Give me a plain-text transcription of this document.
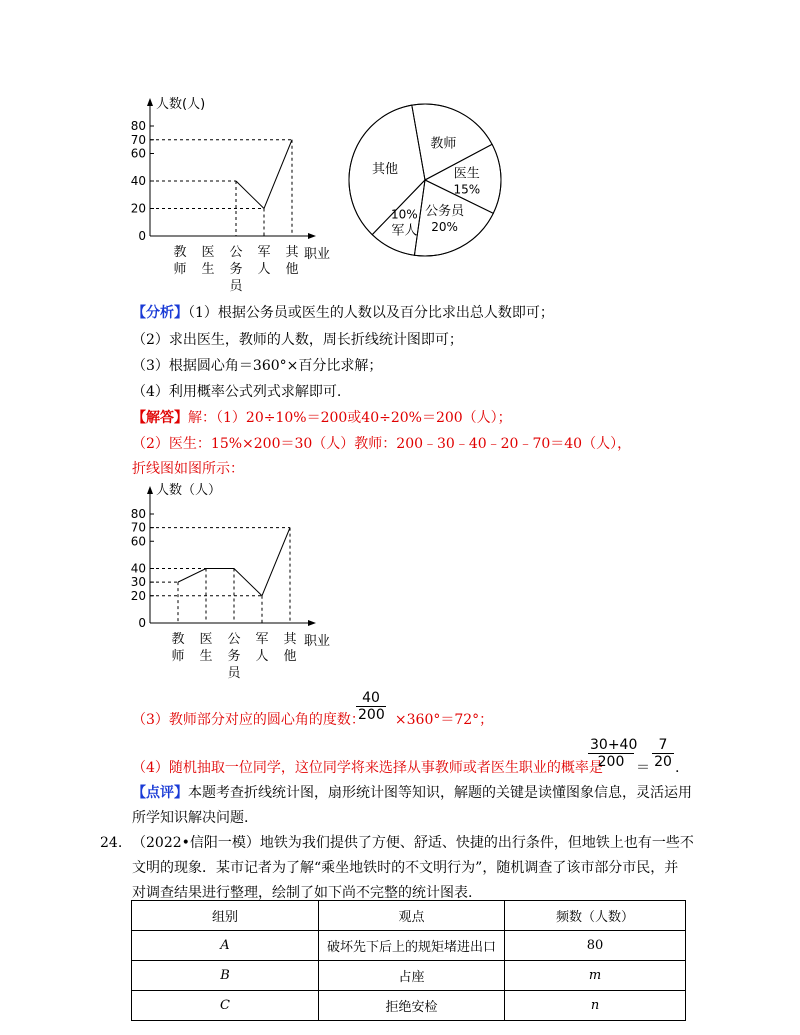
人数(人)
职业
0
20
40
60
70
80
教师
医生
公务员
军人
其他
教师
医生
15%
公务员
20%
军人
10%
其他
【分析】（1）根据公务员或医生的人数以及百分比求出总人数即可；
（2）求出医生，教师的人数，周长折线统计图即可；
（3）根据圆心角＝360°×百分比求解；
（4）利用概率公式列式求解即可.
【解答】解：（1）20÷10%＝200或40÷20%＝200（人）；
（2）医生：15%×200＝30（人）教师：200﹣30﹣40﹣20﹣70＝40（人），
折线图如图所示：
人数（人）
职业
0
20
30
40
60
70
80
教师
医生
公务员
军人
其他
（3）教师部分对应的圆心角的度数： ×360°＝72°；
$\frac{40}{200}$
（4）随机抽取一位同学，这位同学将来选择从事教师或者医生职业的概率是
$\frac{30+40}{200} = \frac{7}{20}$ .
【点评】本题考查折线统计图，扇形统计图等知识，解题的关键是读懂图象信息，灵活运用
所学知识解决问题.
24. （2022•信阳一模）地铁为我们提供了方便、舒适、快捷的出行条件，但地铁上也有一些不
文明的现象．某市记者为了解“乘坐地铁时的不文明行为”，随机调查了该市部分市民，并
对调查结果进行整理，绘制了如下尚不完整的统计图表.
组别	观点	频数（人数）
A	破坏先下后上的规矩堵进出口	80
B	占座	m
C	拒绝安检	n
